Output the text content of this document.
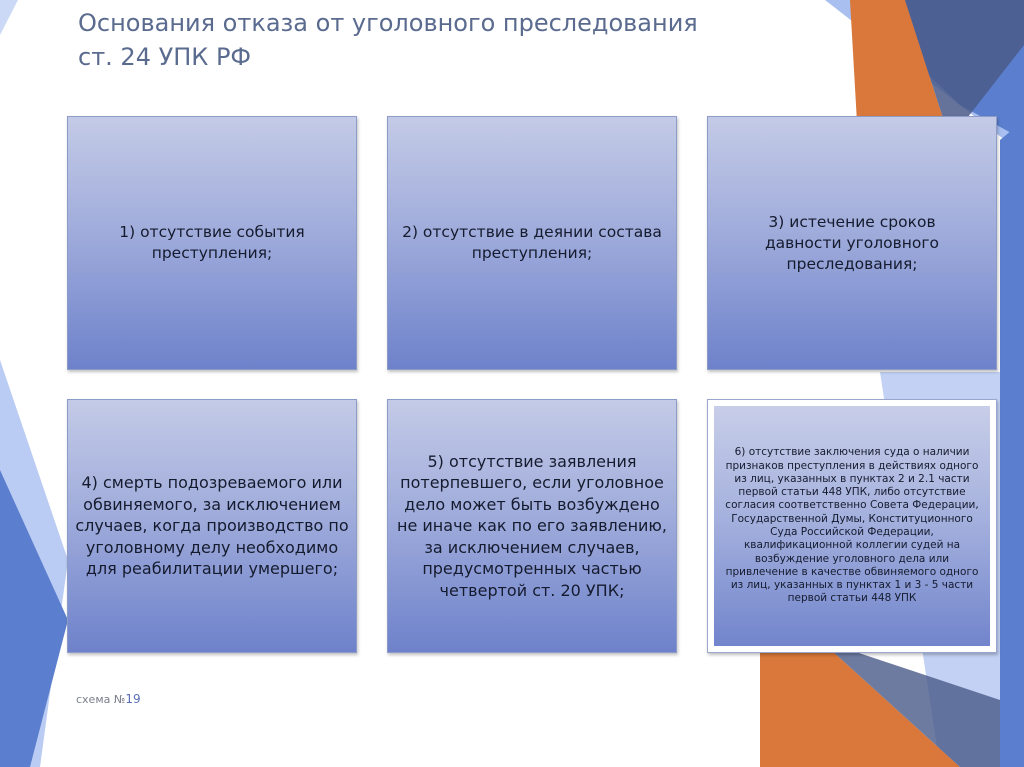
Основания отказа от уголовного преследования
ст. 24 УПК РФ
1) отсутствие события преступления;
2) отсутствие в деянии состава преступления;
3) истечение сроков давности уголовного преследования;
4) смерть подозреваемого или обвиняемого, за исключением случаев, когда производство по уголовному делу необходимо для реабилитации умершего;
5) отсутствие заявления потерпевшего, если уголовное дело может быть возбуждено не иначе как по его заявлению, за исключением случаев, предусмотренных частью четвертой ст. 20 УПК;
6) отсутствие заключения суда о наличии признаков преступления в действиях одного из лиц, указанных в пунктах 2 и 2.1 части первой статьи 448 УПК, либо отсутствие согласия соответственно Совета Федерации, Государственной Думы, Конституционного Суда Российской Федерации, квалификационной коллегии судей на возбуждение уголовного дела или привлечение в качестве обвиняемого одного из лиц, указанных в пунктах 1 и 3 - 5 части первой статьи 448 УПК
схема №19
